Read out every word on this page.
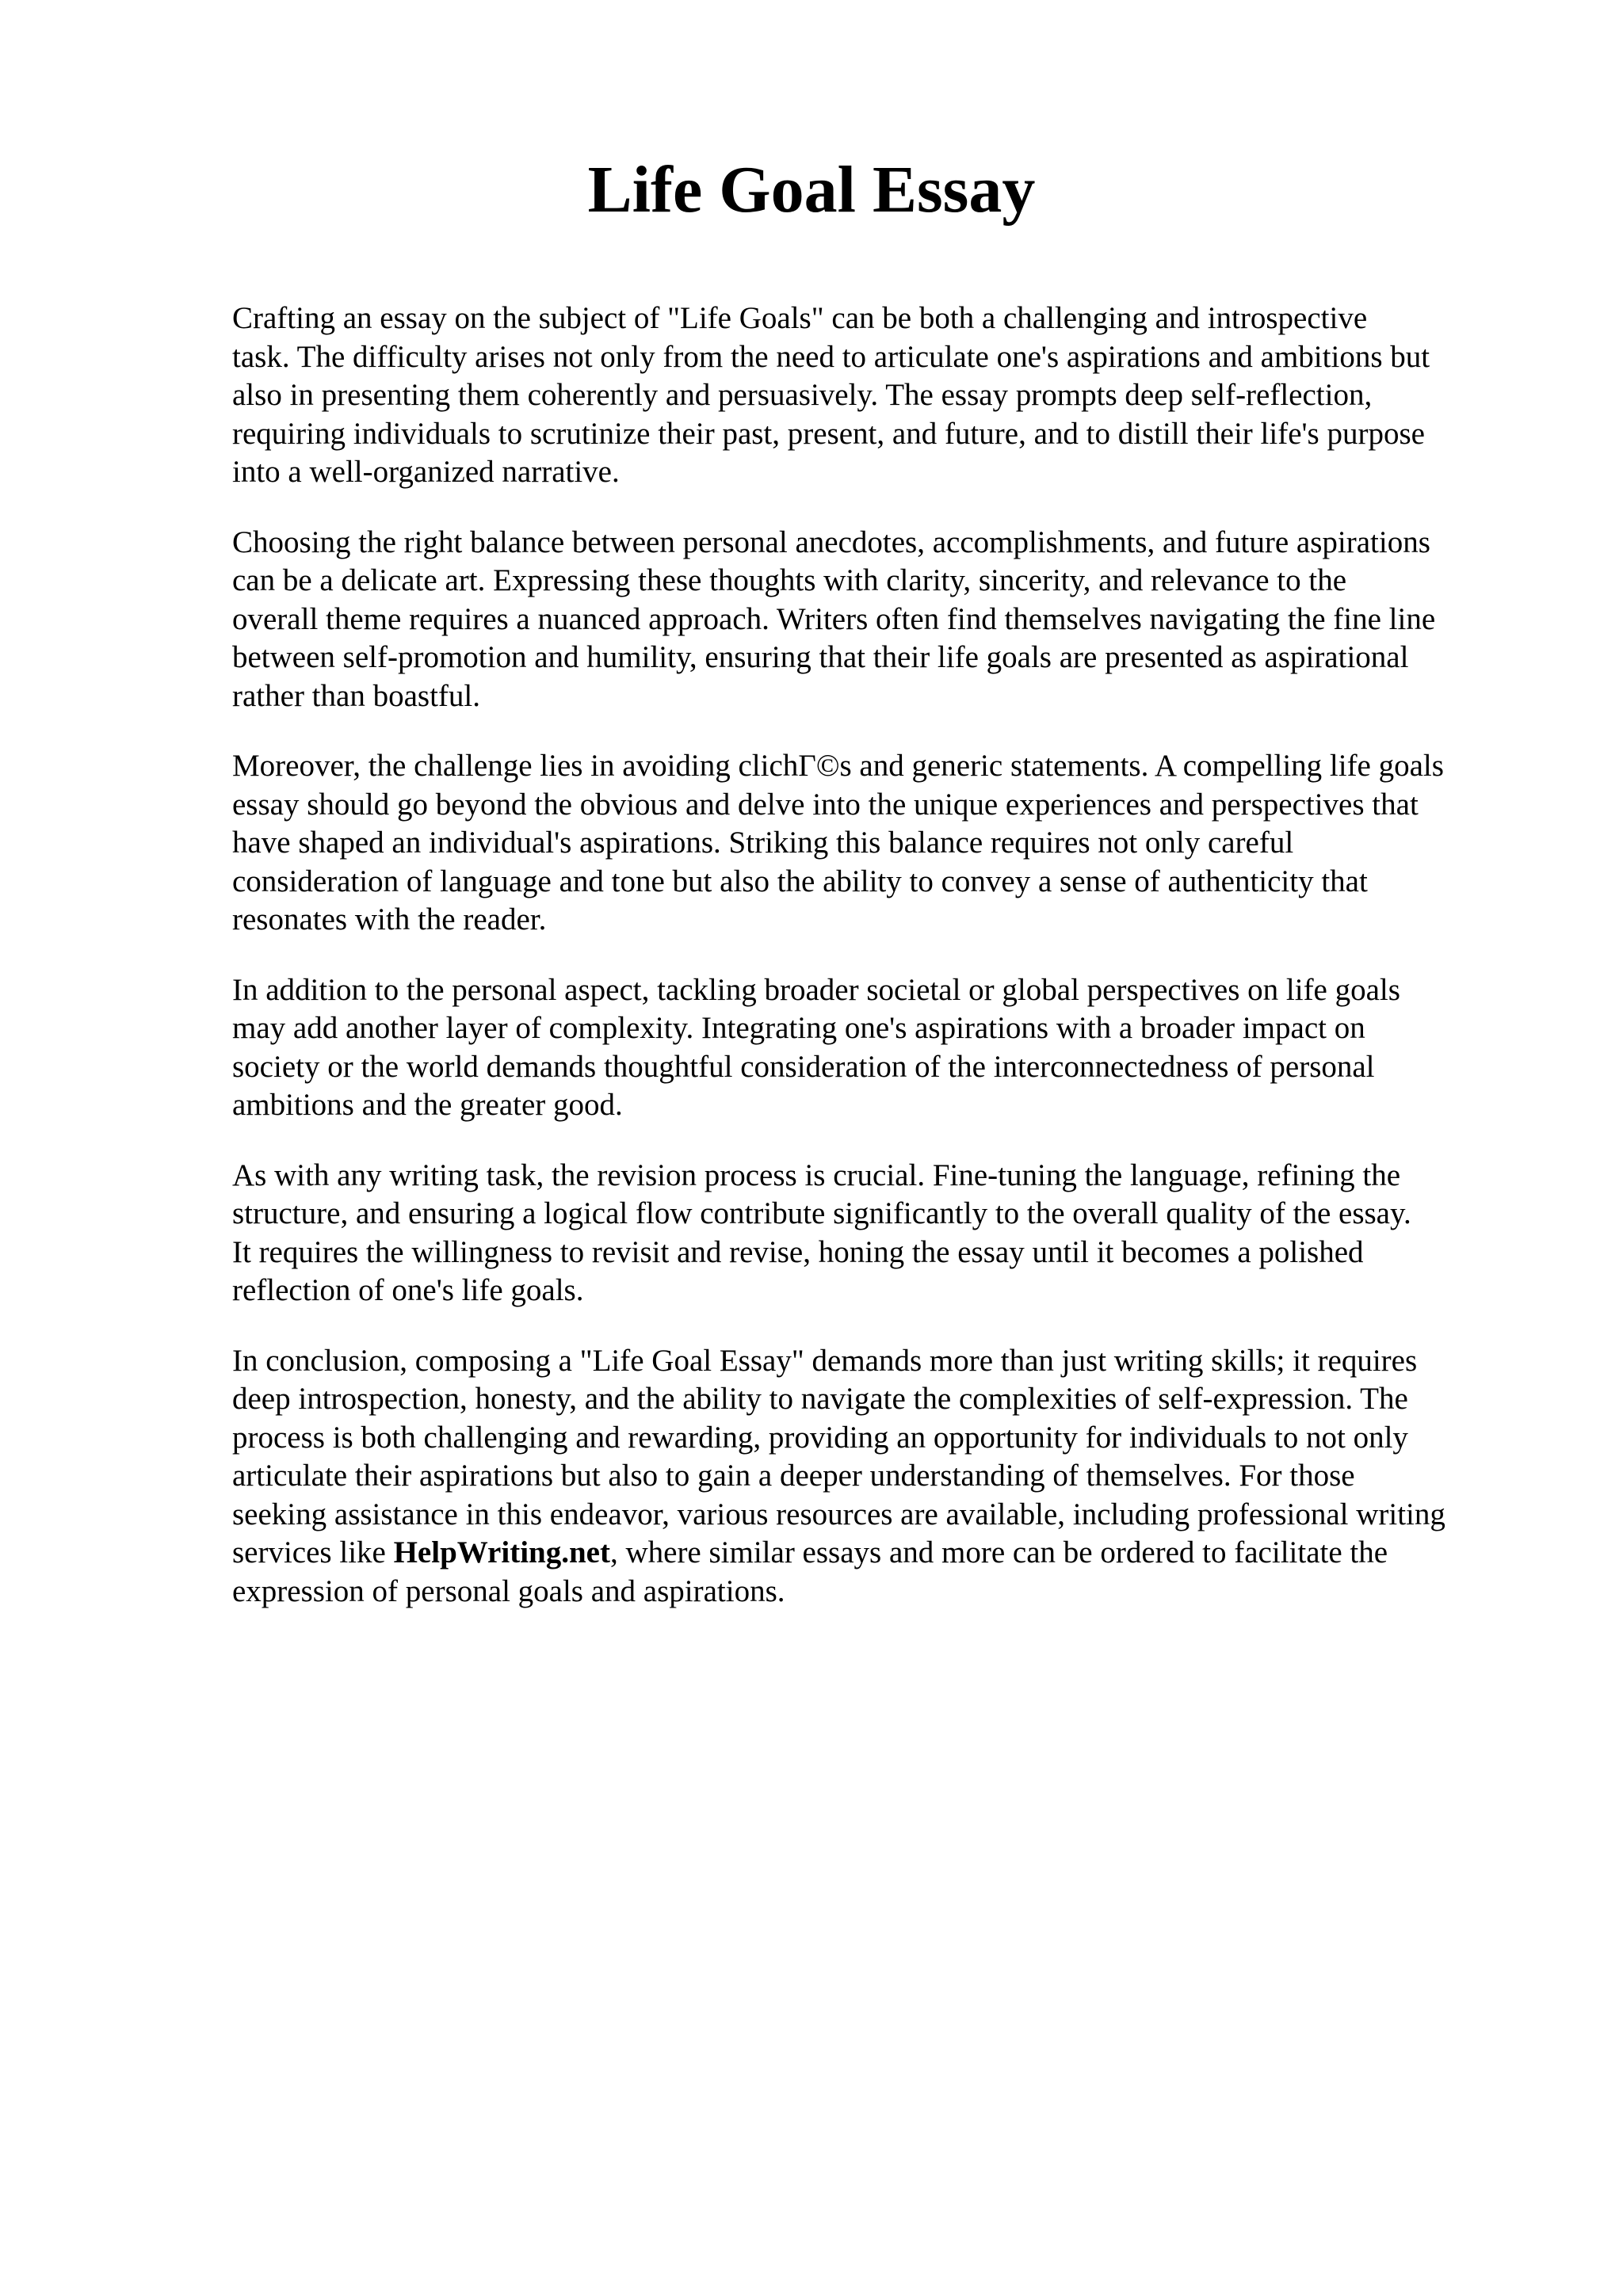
Life Goal Essay

Crafting an essay on the subject of "Life Goals" can be both a challenging and introspective
task. The difficulty arises not only from the need to articulate one's aspirations and ambitions but
also in presenting them coherently and persuasively. The essay prompts deep self-reflection,
requiring individuals to scrutinize their past, present, and future, and to distill their life's purpose
into a well-organized narrative.

Choosing the right balance between personal anecdotes, accomplishments, and future aspirations
can be a delicate art. Expressing these thoughts with clarity, sincerity, and relevance to the
overall theme requires a nuanced approach. Writers often find themselves navigating the fine line
between self-promotion and humility, ensuring that their life goals are presented as aspirational
rather than boastful.

Moreover, the challenge lies in avoiding clichГ©s and generic statements. A compelling life goals
essay should go beyond the obvious and delve into the unique experiences and perspectives that
have shaped an individual's aspirations. Striking this balance requires not only careful
consideration of language and tone but also the ability to convey a sense of authenticity that
resonates with the reader.

In addition to the personal aspect, tackling broader societal or global perspectives on life goals
may add another layer of complexity. Integrating one's aspirations with a broader impact on
society or the world demands thoughtful consideration of the interconnectedness of personal
ambitions and the greater good.

As with any writing task, the revision process is crucial. Fine-tuning the language, refining the
structure, and ensuring a logical flow contribute significantly to the overall quality of the essay.
It requires the willingness to revisit and revise, honing the essay until it becomes a polished
reflection of one's life goals.

In conclusion, composing a "Life Goal Essay" demands more than just writing skills; it requires
deep introspection, honesty, and the ability to navigate the complexities of self-expression. The
process is both challenging and rewarding, providing an opportunity for individuals to not only
articulate their aspirations but also to gain a deeper understanding of themselves. For those
seeking assistance in this endeavor, various resources are available, including professional writing
services like HelpWriting.net, where similar essays and more can be ordered to facilitate the
expression of personal goals and aspirations.
